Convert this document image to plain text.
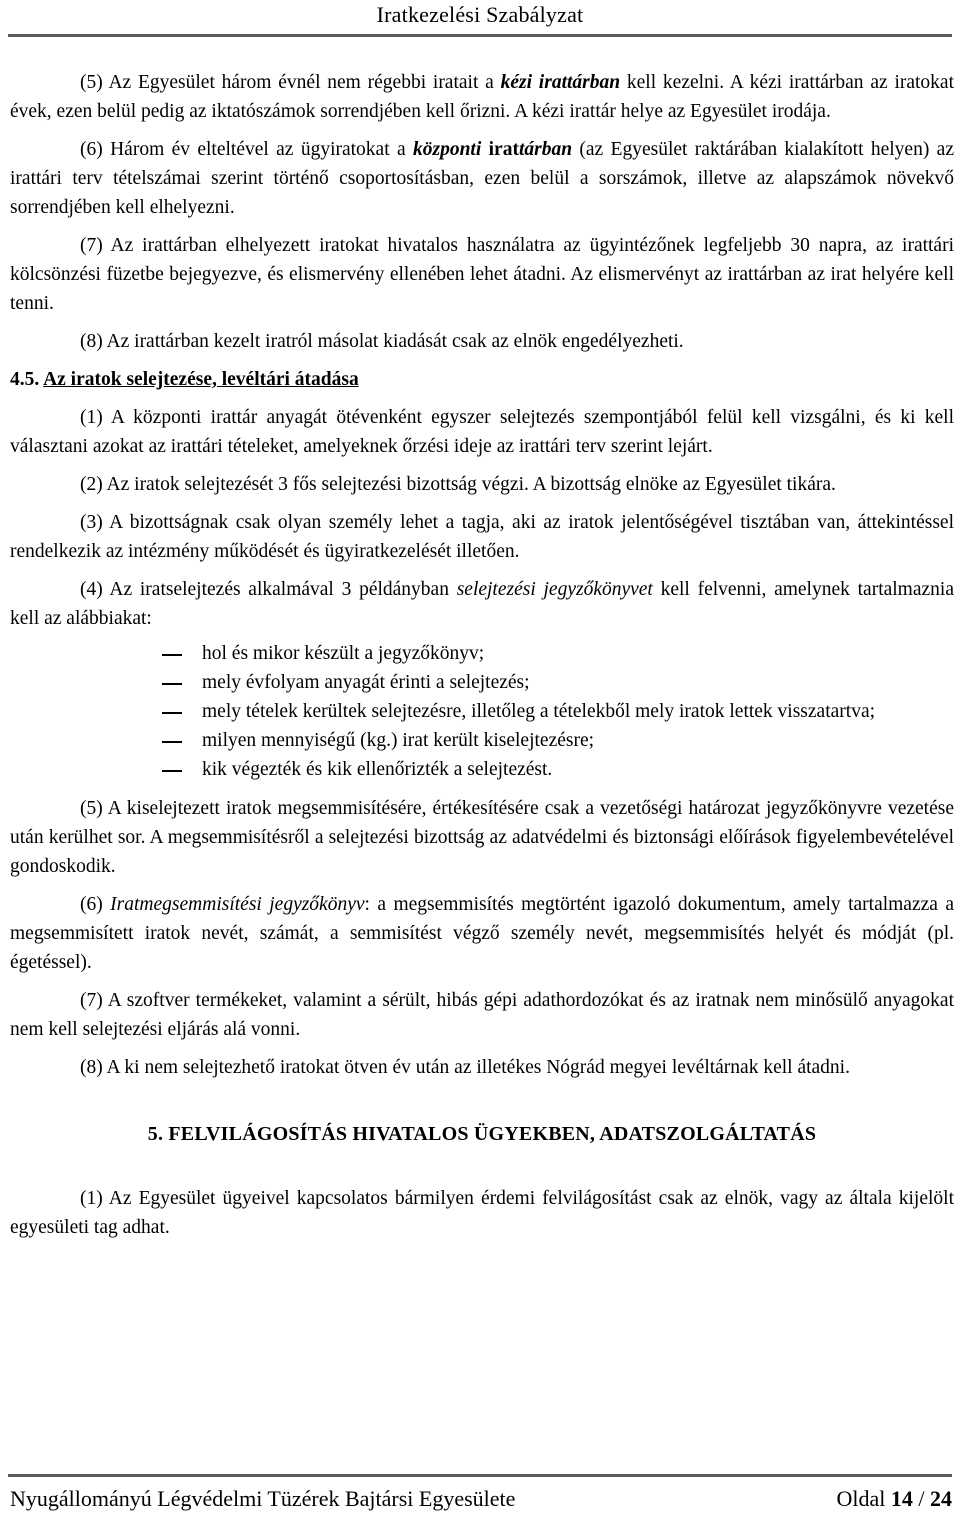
Iratkezelési Szabályzat

(5) Az Egyesület három évnél nem régebbi iratait a kézi irattárban kell kezelni. A kézi irattárban az iratokat évek, ezen belül pedig az iktatószámok sorrendjében kell őrizni. A kézi irattár helye az Egyesület irodája.

(6) Három év elteltével az ügyiratokat a központi irattárban (az Egyesület raktárában kialakított helyen) az irattári terv tételszámai szerint történő csoportosításban, ezen belül a sorszámok, illetve az alapszámok növekvő sorrendjében kell elhelyezni.

(7) Az irattárban elhelyezett iratokat hivatalos használatra az ügyintézőnek legfeljebb 30 napra, az irattári kölcsönzési füzetbe bejegyezve, és elismervény ellenében lehet átadni. Az elismervényt az irattárban az irat helyére kell tenni.

(8) Az irattárban kezelt iratról másolat kiadását csak az elnök engedélyezheti.

4.5. Az iratok selejtezése, levéltári átadása

(1) A központi irattár anyagát ötévenként egyszer selejtezés szempontjából felül kell vizsgálni, és ki kell választani azokat az irattári tételeket, amelyeknek őrzési ideje az irattári terv szerint lejárt.

(2) Az iratok selejtezését 3 fős selejtezési bizottság végzi. A bizottság elnöke az Egyesület tikára.

(3) A bizottságnak csak olyan személy lehet a tagja, aki az iratok jelentőségével tisztában van, áttekintéssel rendelkezik az intézmény működését és ügyiratkezelését illetően.

(4) Az iratselejtezés alkalmával 3 példányban selejtezési jegyzőkönyvet kell felvenni, amelynek tartalmaznia kell az alábbiakat:

hol és mikor készült a jegyzőkönyv;
mely évfolyam anyagát érinti a selejtezés;
mely tételek kerültek selejtezésre, illetőleg a tételekből mely iratok lettek visszatartva;
milyen mennyiségű (kg.) irat került kiselejtezésre;
kik végezték és kik ellenőrizték a selejtezést.

(5) A kiselejtezett iratok megsemmisítésére, értékesítésére csak a vezetőségi határozat jegyzőkönyvre vezetése után kerülhet sor. A megsemmisítésről a selejtezési bizottság az adatvédelmi és biztonsági előírások figyelembevételével gondoskodik.

(6) Iratmegsemmisítési jegyzőkönyv: a megsemmisítés megtörtént igazoló dokumentum, amely tartalmazza a megsemmisített iratok nevét, számát, a semmisítést végző személy nevét, megsemmisítés helyét és módját (pl. égetéssel).

(7) A szoftver termékeket, valamint a sérült, hibás gépi adathordozókat és az iratnak nem minősülő anyagokat nem kell selejtezési eljárás alá vonni.

(8) A ki nem selejtezhető iratokat ötven év után az illetékes Nógrád megyei levéltárnak kell átadni.

5. FELVILÁGOSÍTÁS HIVATALOS ÜGYEKBEN, ADATSZOLGÁLTATÁS

(1) Az Egyesület ügyeivel kapcsolatos bármilyen érdemi felvilágosítást csak az elnök, vagy az általa kijelölt egyesületi tag adhat.

Nyugállományú Légvédelmi Tüzérek Bajtársi Egyesülete	Oldal 14 / 24
